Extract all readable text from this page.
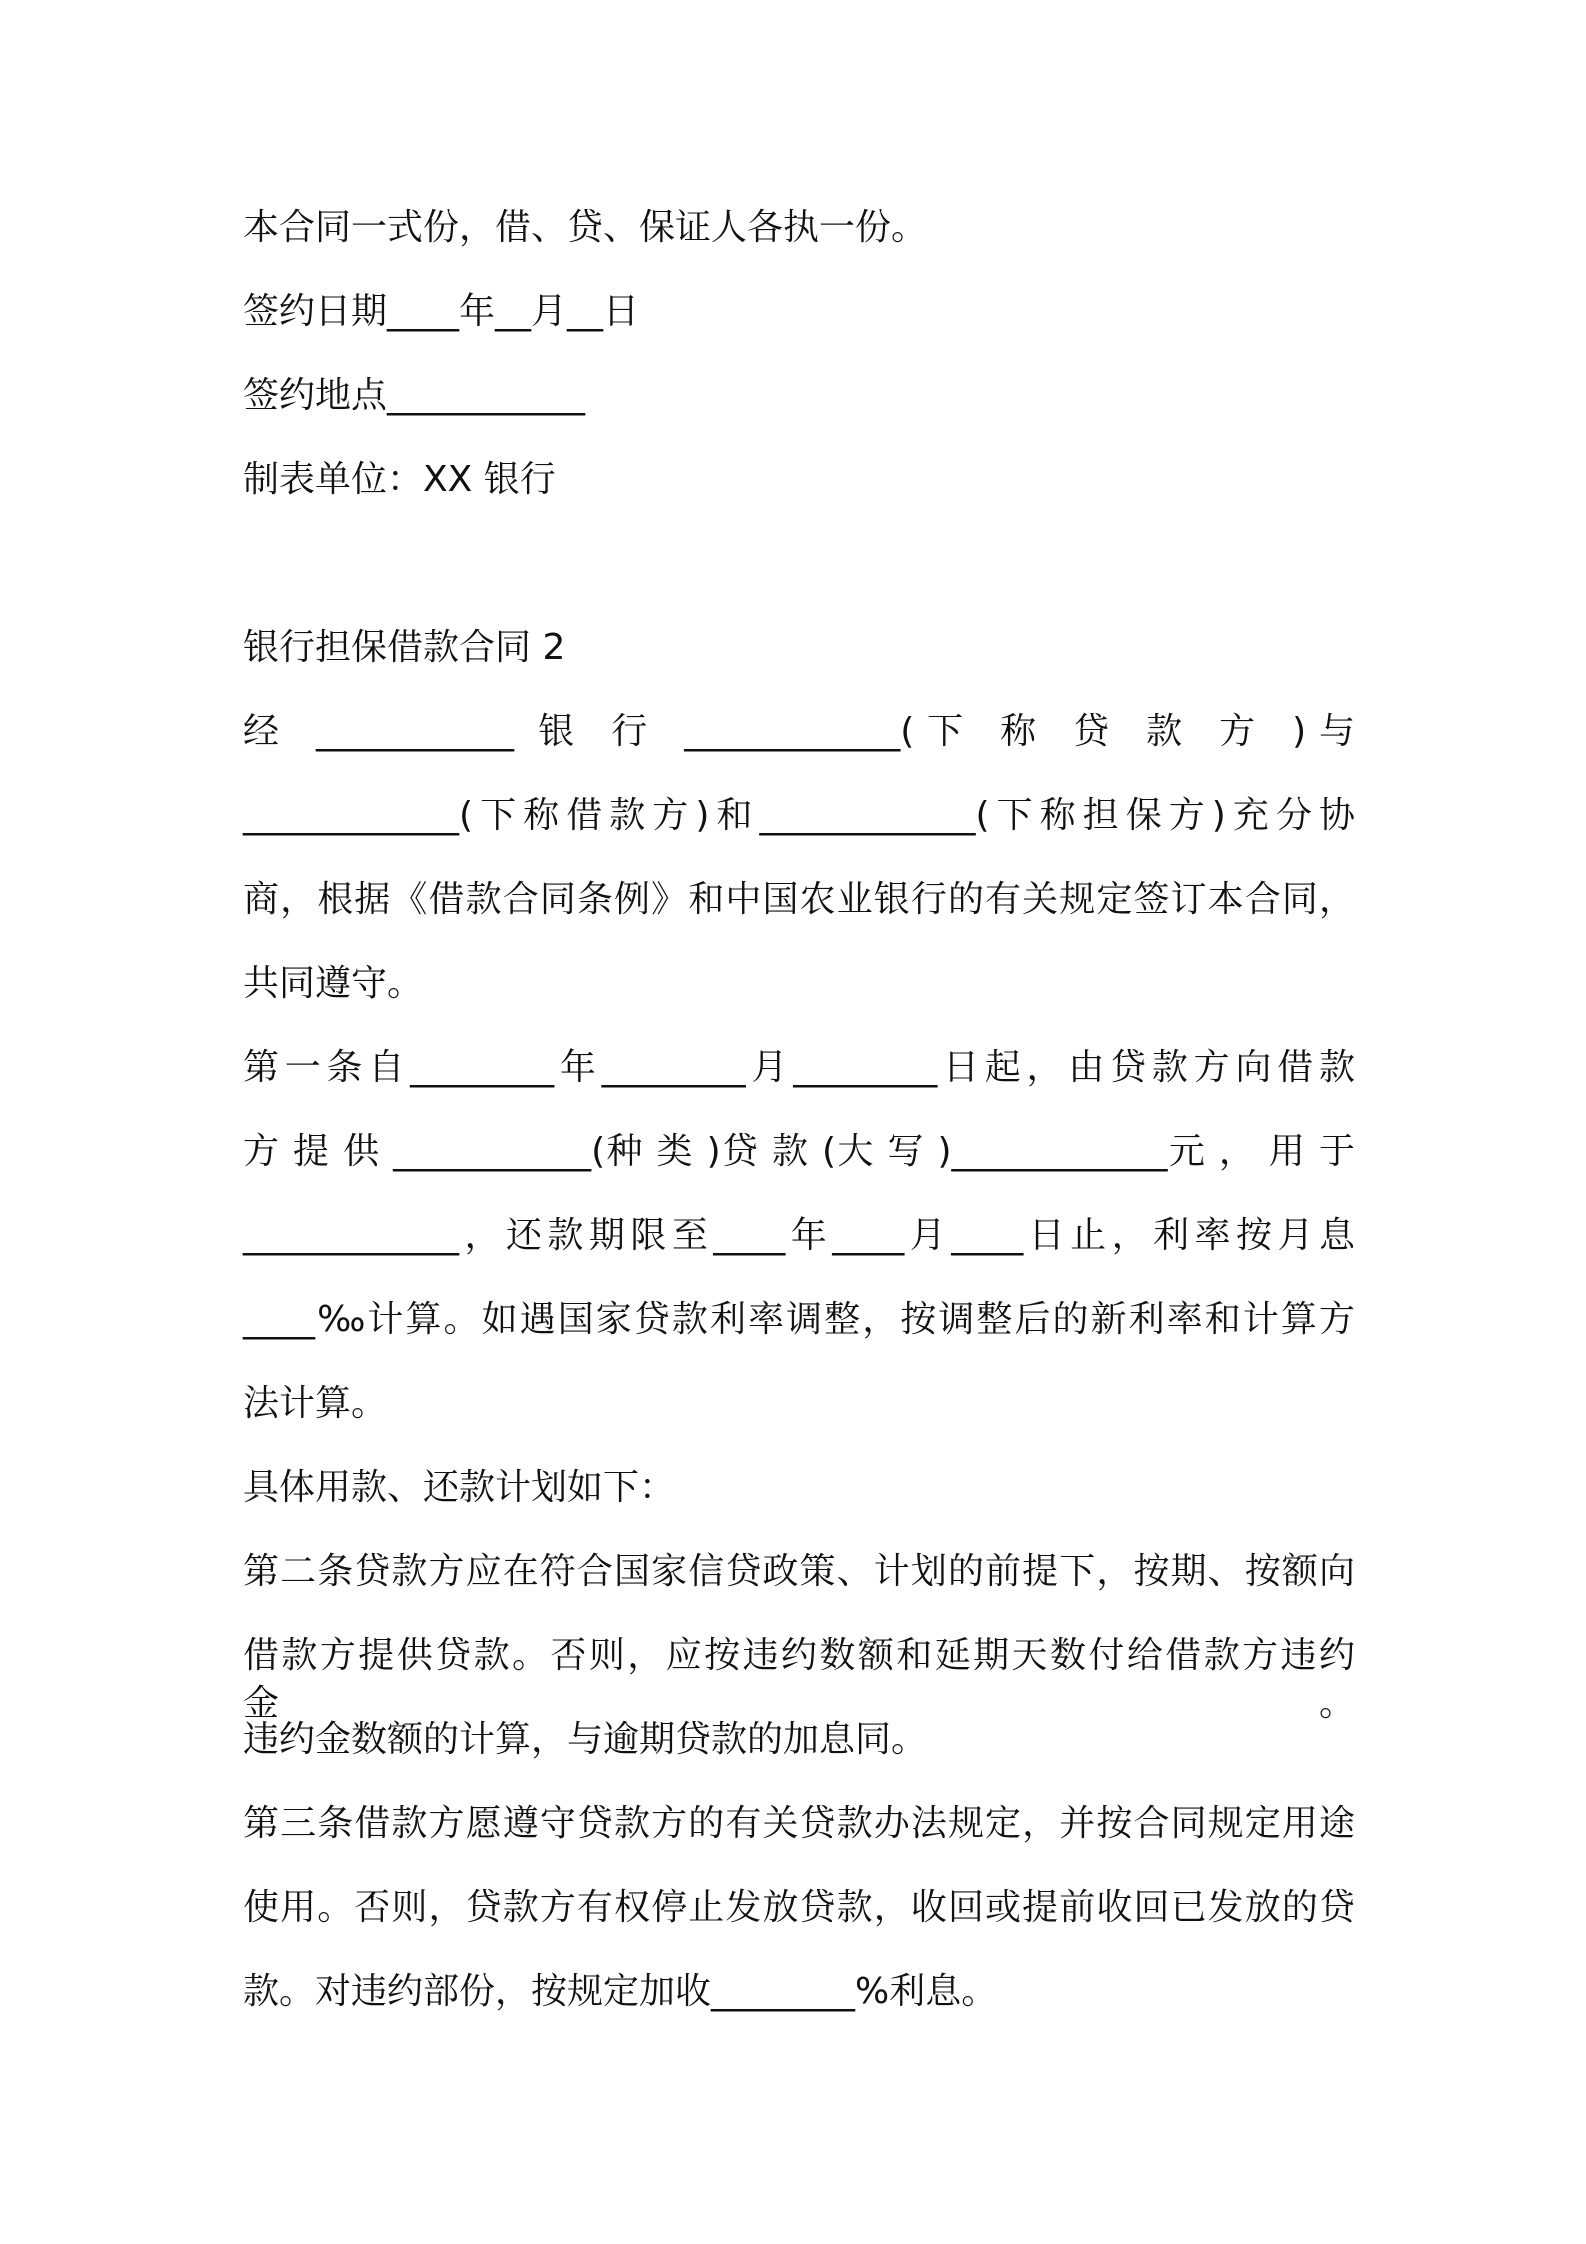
本合同一式份，借、贷、保证人各执一份。
签约日期____年__月__日
签约地点___________
制表单位：XX 银行
银行担保借款合同 2
经 ___________ 银 行 ____________(下 称 贷 款 方 )与
____________(下称借款方)和____________(下称担保方)充分协
商，根据《借款合同条例》和中国农业银行的有关规定签订本合同，
共同遵守。
第一条自________年________月________日起，由贷款方向借款
方 提 供 ___________(种 类 )贷 款 (大 写 )____________元 ， 用 于
____________，还款期限至____年____月____日止，利率按月息
____‰计算。如遇国家贷款利率调整，按调整后的新利率和计算方
法计算。
具体用款、还款计划如下：
第二条贷款方应在符合国家信贷政策、计划的前提下，按期、按额向
借款方提供贷款。否则，应按违约数额和延期天数付给借款方违约金。
违约金数额的计算，与逾期贷款的加息同。
第三条借款方愿遵守贷款方的有关贷款办法规定，并按合同规定用途
使用。否则，贷款方有权停止发放贷款，收回或提前收回已发放的贷
款。对违约部份，按规定加收________%利息。
